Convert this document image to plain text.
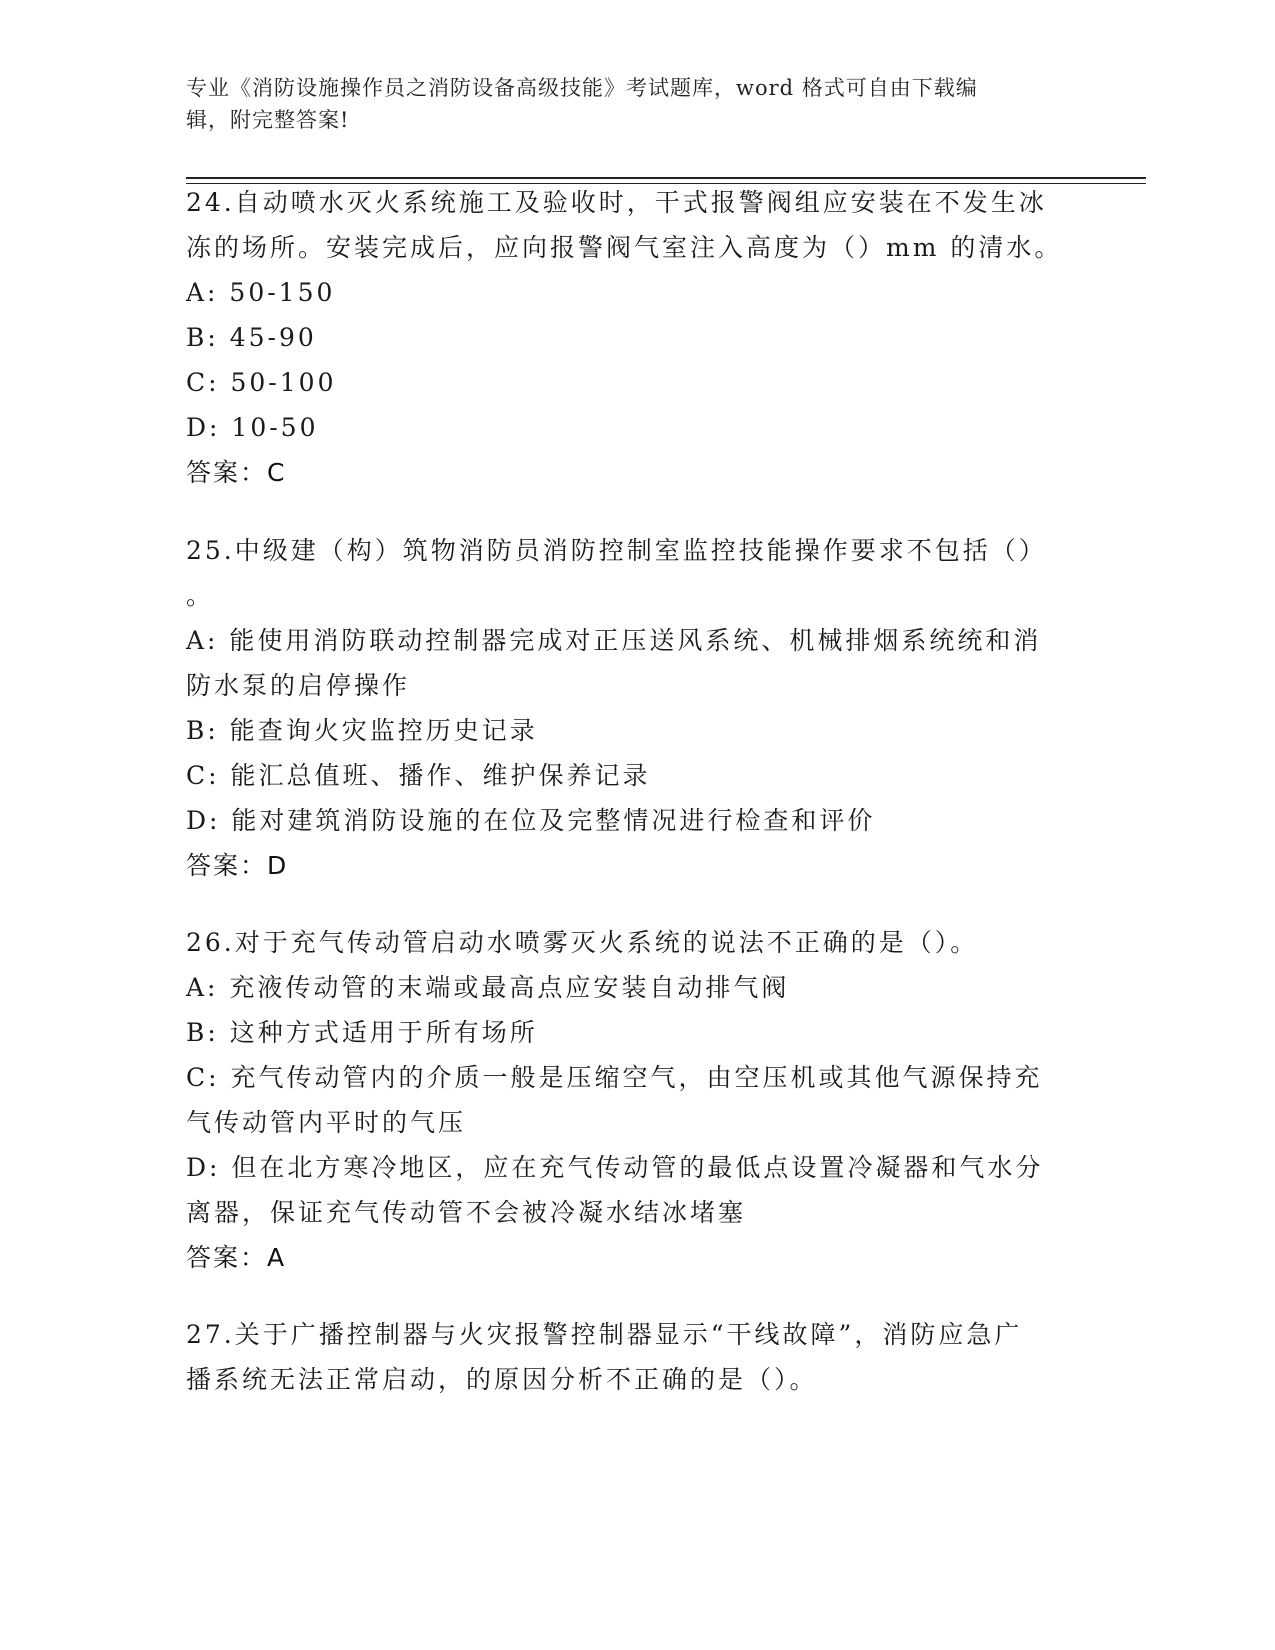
专业《消防设施操作员之消防设备高级技能》考试题库，word 格式可自由下载编
辑，附完整答案!
24.自动喷水灭火系统施工及验收时，干式报警阀组应安装在不发生冰
冻的场所。安装完成后，应向报警阀气室注入高度为（）mm 的清水。
A: 50-150
B: 45-90
C: 50-100
D: 10-50
答案：C
25.中级建（构）筑物消防员消防控制室监控技能操作要求不包括（）
。
A: 能使用消防联动控制器完成对正压送风系统、机械排烟系统统和消
防水泵的启停操作
B: 能查询火灾监控历史记录
C: 能汇总值班、播作、维护保养记录
D: 能对建筑消防设施的在位及完整情况进行检查和评价
答案：D
26.对于充气传动管启动水喷雾灭火系统的说法不正确的是（）。
A: 充液传动管的末端或最高点应安装自动排气阀
B: 这种方式适用于所有场所
C: 充气传动管内的介质一般是压缩空气，由空压机或其他气源保持充
气传动管内平时的气压
D: 但在北方寒冷地区，应在充气传动管的最低点设置冷凝器和气水分
离器，保证充气传动管不会被冷凝水结冰堵塞
答案：A
27.关于广播控制器与火灾报警控制器显示“干线故障”，消防应急广
播系统无法正常启动，的原因分析不正确的是（）。
